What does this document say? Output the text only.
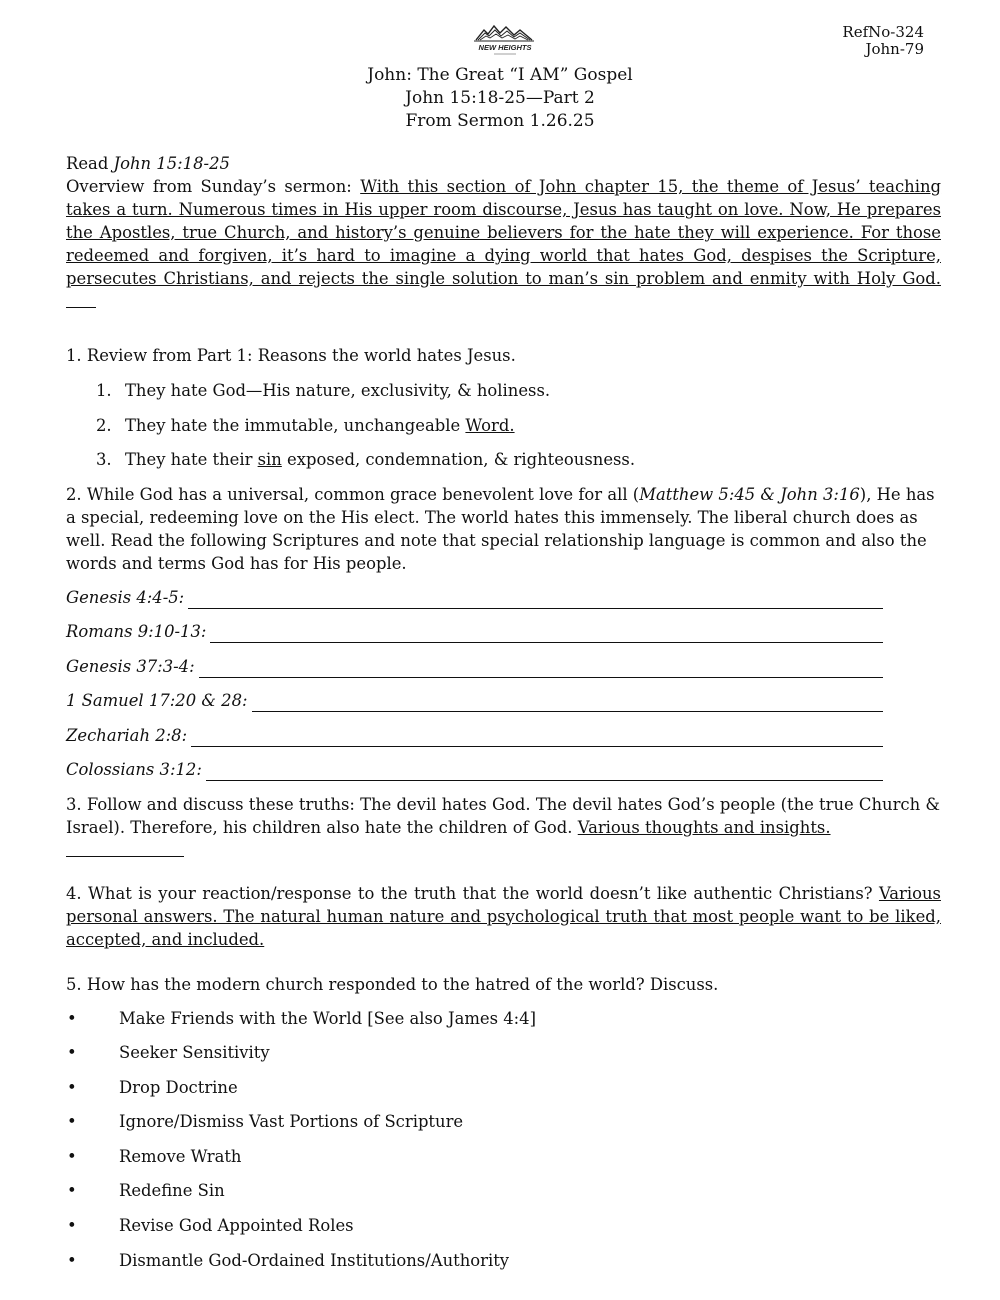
NEW HEIGHTS
RefNo-324
John-79
John: The Great “I AM” Gospel
John 15:18-25—Part 2
From Sermon 1.26.25

Read John 15:18-25

Overview from Sunday’s sermon: With this section of John chapter 15, the theme of Jesus’ teaching takes a turn. Numerous times in His upper room discourse, Jesus has taught on love. Now, He prepares the Apostles, true Church, and history’s genuine believers for the hate they will experience. For those redeemed and forgiven, it’s hard to imagine a dying world that hates God, despises the Scripture, persecutes Christians, and rejects the single solution to man’s sin problem and enmity with Holy God.

1. Review from Part 1: Reasons the world hates Jesus.

1. They hate God—His nature, exclusivity, & holiness.
2. They hate the immutable, unchangeable Word.
3. They hate their sin exposed, condemnation, & righteousness.

2. While God has a universal, common grace benevolent love for all (Matthew 5:45 & John 3:16), He has a special, redeeming love on the His elect. The world hates this immensely. The liberal church does as well. Read the following Scriptures and note that special relationship language is common and also the words and terms God has for His people.

Genesis 4:4-5:
Romans 9:10-13:
Genesis 37:3-4:
1 Samuel 17:20 & 28:
Zechariah 2:8:
Colossians 3:12:

3. Follow and discuss these truths: The devil hates God. The devil hates God’s people (the true Church & Israel). Therefore, his children also hate the children of God. Various thoughts and insights.

4. What is your reaction/response to the truth that the world doesn’t like authentic Christians? Various personal answers. The natural human nature and psychological truth that most people want to be liked, accepted, and included.

5. How has the modern church responded to the hatred of the world? Discuss.

•	Make Friends with the World [See also James 4:4]
•	Seeker Sensitivity
•	Drop Doctrine
•	Ignore/Dismiss Vast Portions of Scripture
•	Remove Wrath
•	Redefine Sin
•	Revise God Appointed Roles
•	Dismantle God-Ordained Institutions/Authority
